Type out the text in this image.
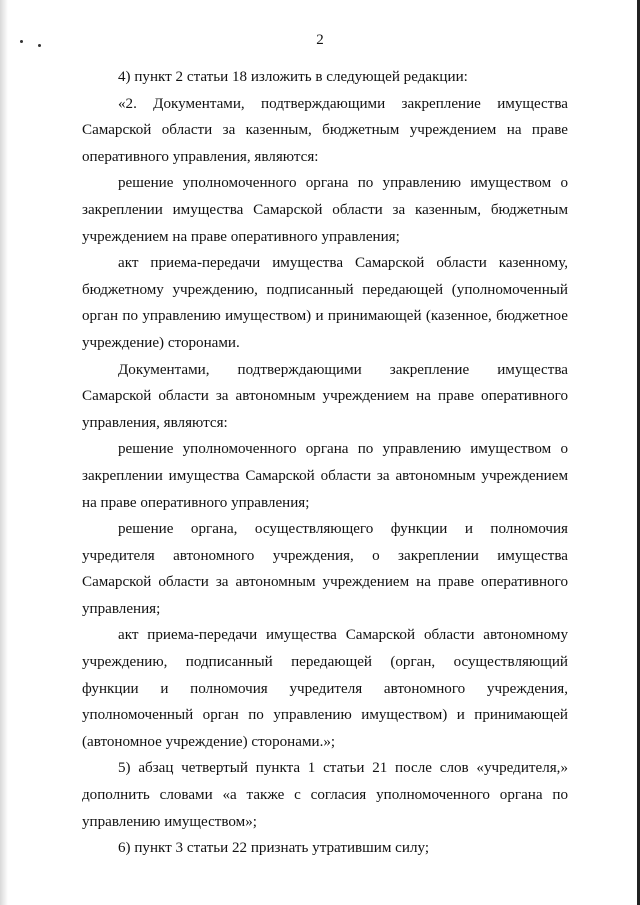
2

4) пункт 2 статьи 18 изложить в следующей редакции:

«2. Документами, подтверждающими закрепление имущества Самарской области за казенным, бюджетным учреждением на праве оперативного управления, являются:

решение уполномоченного органа по управлению имуществом о закреплении имущества Самарской области за казенным, бюджетным учреждением на праве оперативного управления;

акт приема-передачи имущества Самарской области казенному, бюджетному учреждению, подписанный передающей (уполномоченный орган по управлению имуществом) и принимающей (казенное, бюджетное учреждение) сторонами.

Документами, подтверждающими закрепление имущества Самарской области за автономным учреждением на праве оперативного управления, являются:

решение уполномоченного органа по управлению имуществом о закреплении имущества Самарской области за автономным учреждением на праве оперативного управления;

решение органа, осуществляющего функции и полномочия учредителя автономного учреждения, о закреплении имущества Самарской области за автономным учреждением на праве оперативного управления;

акт приема-передачи имущества Самарской области автономному учреждению, подписанный передающей (орган, осуществляющий функции и полномочия учредителя автономного учреждения, уполномоченный орган по управлению имуществом) и принимающей (автономное учреждение) сторонами.»;

5) абзац четвертый пункта 1 статьи 21 после слов «учредителя,» дополнить словами «а также с согласия уполномоченного органа по управлению имуществом»;

6) пункт 3 статьи 22 признать утратившим силу;
